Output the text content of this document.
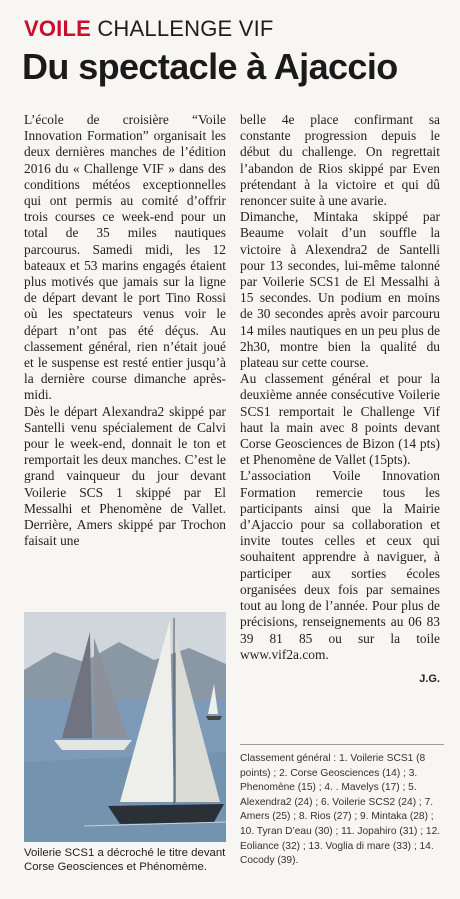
VOILE CHALLENGE VIF
Du spectacle à Ajaccio

L’école de croisière “Voile Innovation Formation” organisait les deux dernières manches de l’édition 2016 du « Challenge VIF » dans des conditions météos exceptionnelles qui ont permis au comité d’offrir trois courses ce week-end pour un total de 35 miles nautiques parcourus. Samedi midi, les 12 bateaux et 53 marins engagés étaient plus motivés que jamais sur la ligne de départ devant le port Tino Rossi où les spectateurs venus voir le départ n’ont pas été déçus. Au classement général, rien n’était joué et le suspense est resté entier jusqu’à la dernière course dimanche après-midi.

Dès le départ Alexandra2 skippé par Santelli venu spécialement de Calvi pour le week-end, donnait le ton et remportait les deux manches. C’est le grand vainqueur du jour devant Voilerie SCS 1 skippé par El Messalhi et Phenomène de Vallet. Derrière, Amers skippé par Trochon faisait une

belle 4e place confirmant sa constante progression depuis le début du challenge. On regrettait l’abandon de Rios skippé par Even prétendant à la victoire et qui dû renoncer suite à une avarie.

Dimanche, Mintaka skippé par Beaume volait d’un souffle la victoire à Alexendra2 de Santelli pour 13 secondes, lui-même talonné par Voilerie SCS1 de El Messalhi à 15 secondes. Un podium en moins de 30 secondes après avoir parcouru 14 miles nautiques en un peu plus de 2h30, montre bien la qualité du plateau sur cette course.

Au classement général et pour la deuxième année consécutive Voilerie SCS1 remportait le Challenge Vif haut la main avec 8 points devant Corse Geosciences de Bizon (14 pts) et Phenomène de Vallet (15pts).

L’association Voile Innovation Formation remercie tous les participants ainsi que la Mairie d’Ajaccio pour sa collaboration et invite toutes celles et ceux qui souhaitent apprendre à naviguer, à participer aux sorties écoles organisées deux fois par semaines tout au long de l’année. Pour plus de précisions, renseignements au 06 83 39 81 85 ou sur la toile www.vif2a.com.

J.G.
Voilerie SCS1 a décroché le titre devant Corse Geosciences et Phénomème.
Classement général : 1. Voilerie SCS1 (8 points) ; 2. Corse Geosciences (14) ; 3. Phenomène (15) ; 4. . Mavelys (17) ; 5. Alexendra2 (24) ; 6. Voilerie SCS2 (24) ; 7. Amers (25) ; 8. Rios (27) ; 9. Mintaka (28) ; 10. Tyran D’eau (30) ; 11. Jopahiro (31) ; 12. Eoliance (32) ; 13. Voglia di mare (33) ; 14. Cocody (39).
